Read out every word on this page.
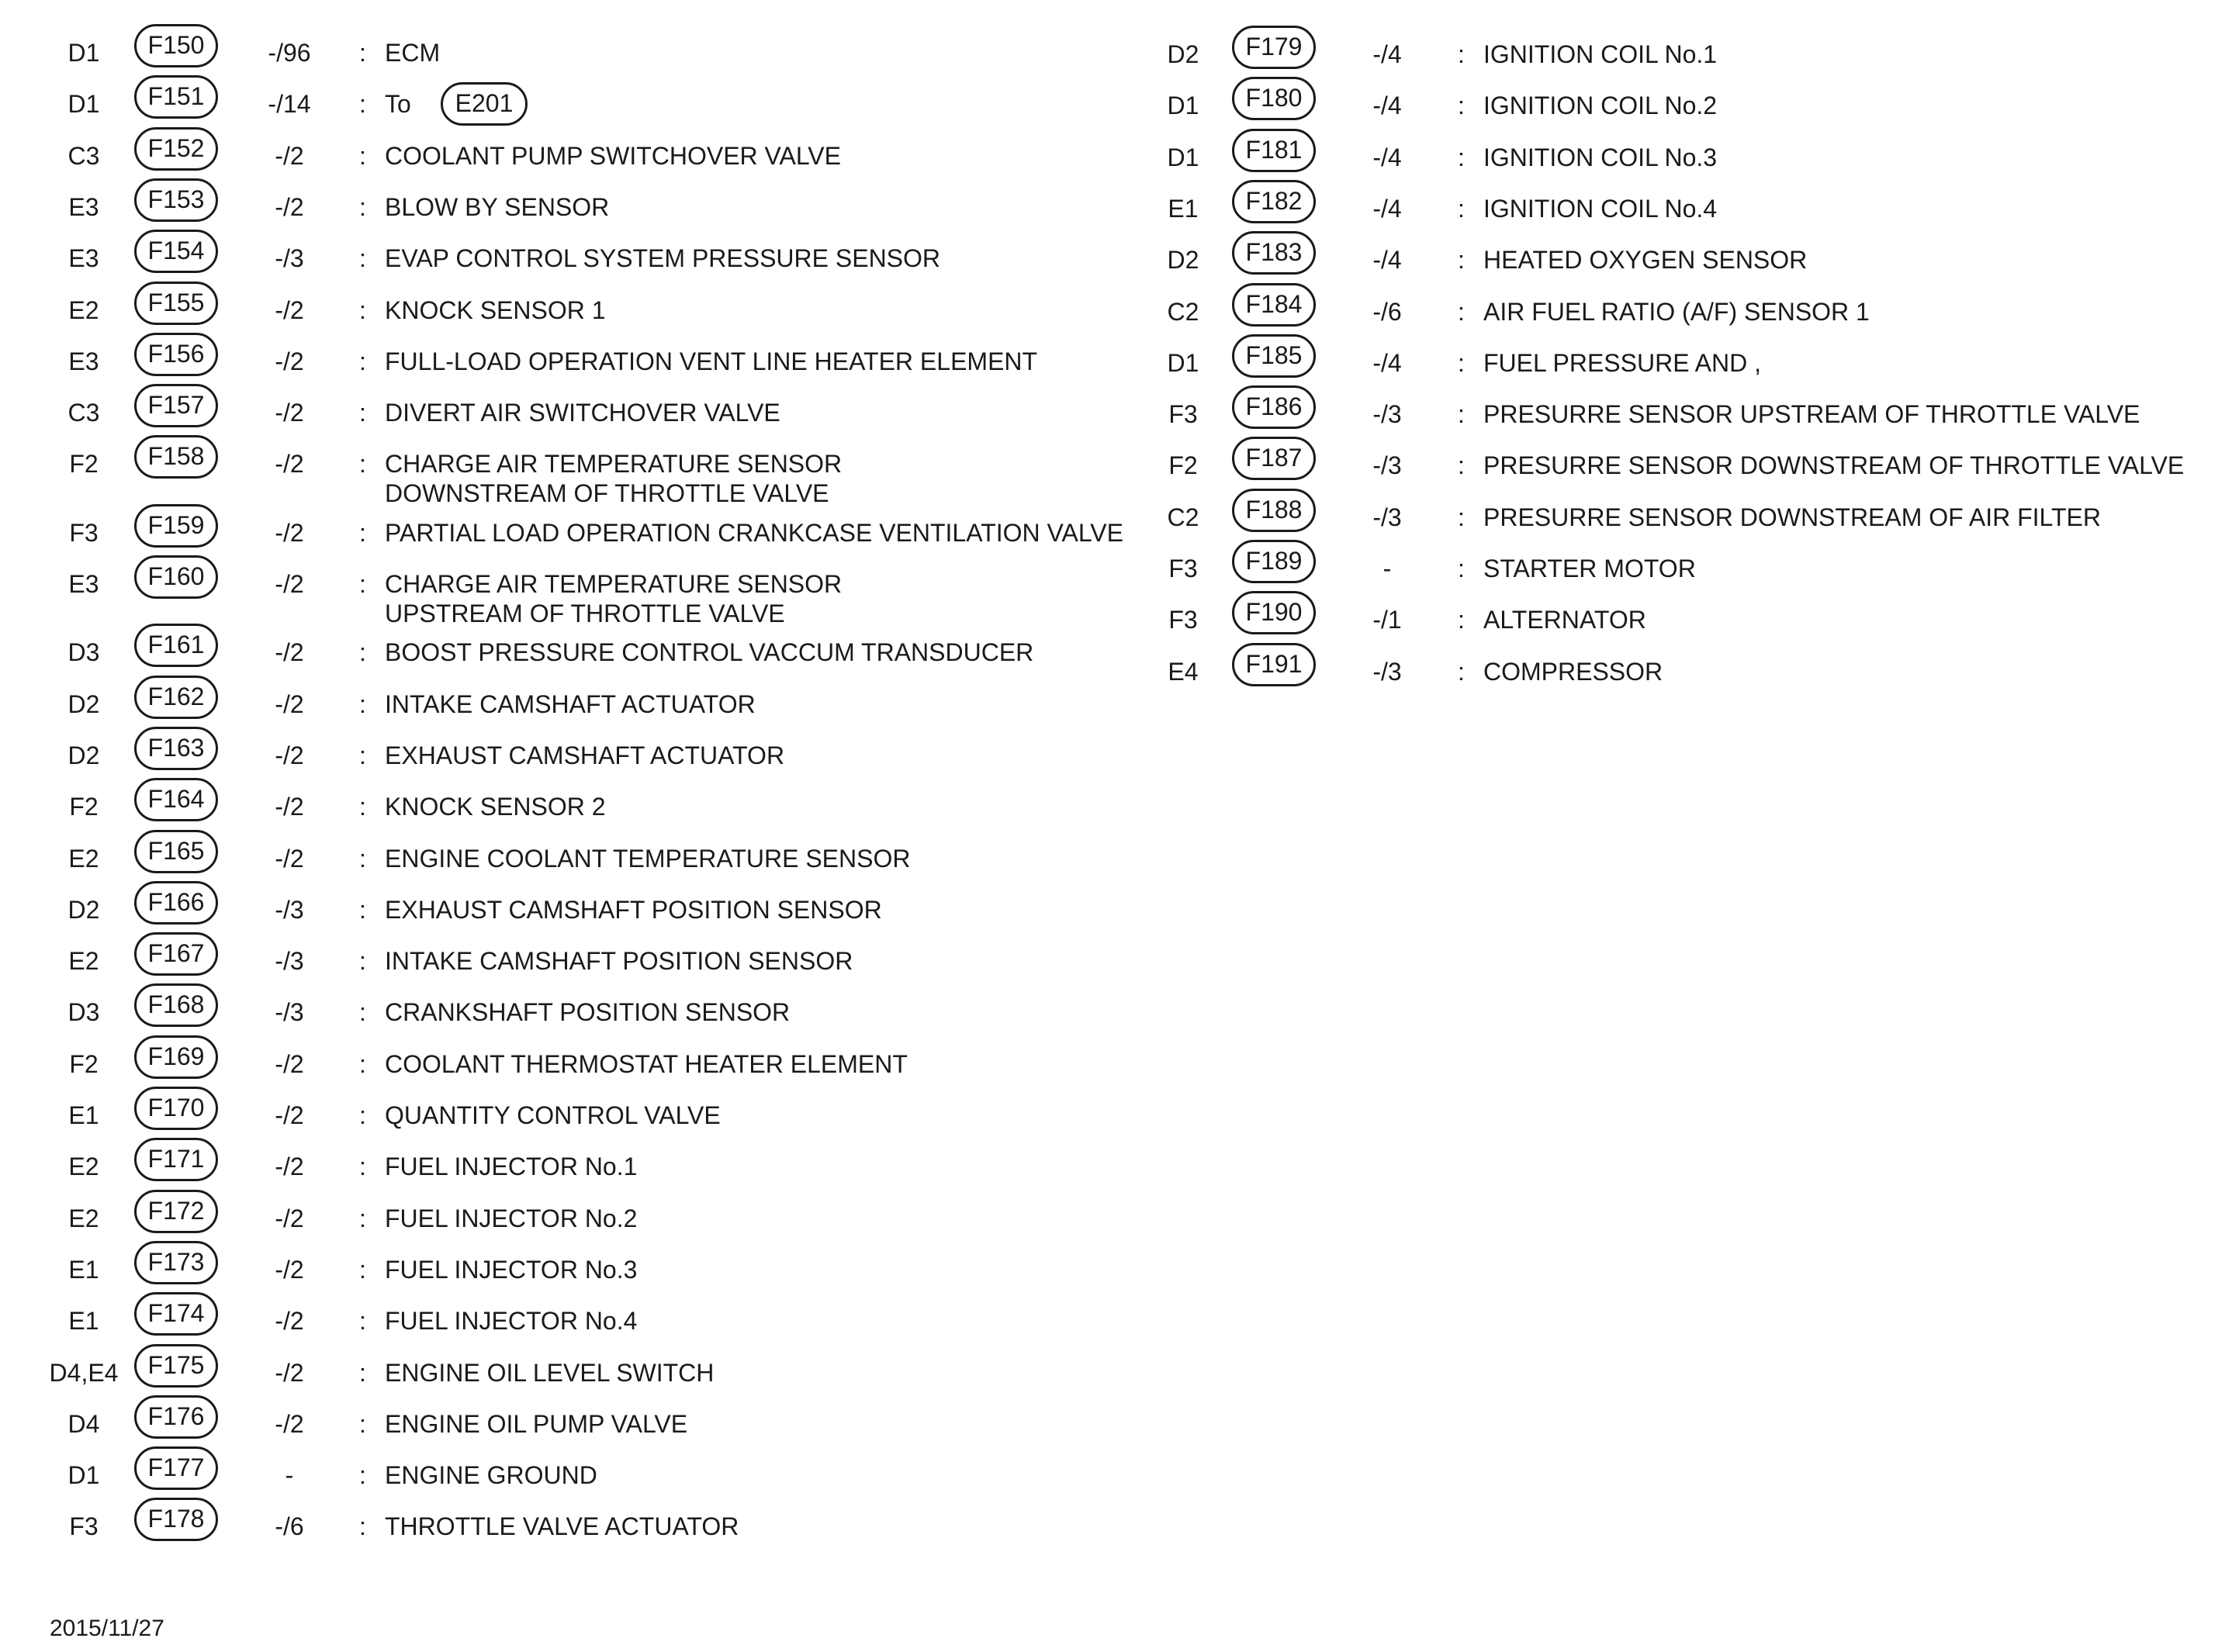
D1	F150	-/96	: ECM
D1	F151	-/14	: To	E201
C3	F152	-/2	: COOLANT PUMP SWITCHOVER VALVE
E3	F153	-/2	: BLOW BY SENSOR
E3	F154	-/3	: EVAP CONTROL SYSTEM PRESSURE SENSOR
E2	F155	-/2	: KNOCK SENSOR 1
E3	F156	-/2	: FULL-LOAD OPERATION VENT LINE HEATER ELEMENT
C3	F157	-/2	: DIVERT AIR SWITCHOVER VALVE
F2	F158	-/2	: CHARGE AIR TEMPERATURE SENSOR
DOWNSTREAM OF THROTTLE VALVE
F3	F159	-/2	: PARTIAL LOAD OPERATION CRANKCASE VENTILATION VALVE
E3	F160	-/2	: CHARGE AIR TEMPERATURE SENSOR
UPSTREAM OF THROTTLE VALVE
D3	F161	-/2	: BOOST PRESSURE CONTROL VACCUM TRANSDUCER
D2	F162	-/2	: INTAKE CAMSHAFT ACTUATOR
D2	F163	-/2	: EXHAUST CAMSHAFT ACTUATOR
F2	F164	-/2	: KNOCK SENSOR 2
E2	F165	-/2	: ENGINE COOLANT TEMPERATURE SENSOR
D2	F166	-/3	: EXHAUST CAMSHAFT POSITION SENSOR
E2	F167	-/3	: INTAKE CAMSHAFT POSITION SENSOR
D3	F168	-/3	: CRANKSHAFT POSITION SENSOR
F2	F169	-/2	: COOLANT THERMOSTAT HEATER ELEMENT
E1	F170	-/2	: QUANTITY CONTROL VALVE
E2	F171	-/2	: FUEL INJECTOR No.1
E2	F172	-/2	: FUEL INJECTOR No.2
E1	F173	-/2	: FUEL INJECTOR No.3
E1	F174	-/2	: FUEL INJECTOR No.4
D4,E4	F175	-/2	: ENGINE OIL LEVEL SWITCH
D4	F176	-/2	: ENGINE OIL PUMP VALVE
D1	F177	-	: ENGINE GROUND
F3	F178	-/6	: THROTTLE VALVE ACTUATOR
D2	F179	-/4	: IGNITION COIL No.1
D1	F180	-/4	: IGNITION COIL No.2
D1	F181	-/4	: IGNITION COIL No.3
E1	F182	-/4	: IGNITION COIL No.4
D2	F183	-/4	: HEATED OXYGEN SENSOR
C2	F184	-/6	: AIR FUEL RATIO (A/F) SENSOR 1
D1	F185	-/4	: FUEL PRESSURE AND ,
F3	F186	-/3	: PRESURRE SENSOR UPSTREAM OF THROTTLE VALVE
F2	F187	-/3	: PRESURRE SENSOR DOWNSTREAM OF THROTTLE VALVE
C2	F188	-/3	: PRESURRE SENSOR DOWNSTREAM OF AIR FILTER
F3	F189	-	: STARTER MOTOR
F3	F190	-/1	: ALTERNATOR
E4	F191	-/3	: COMPRESSOR
2015/11/27
